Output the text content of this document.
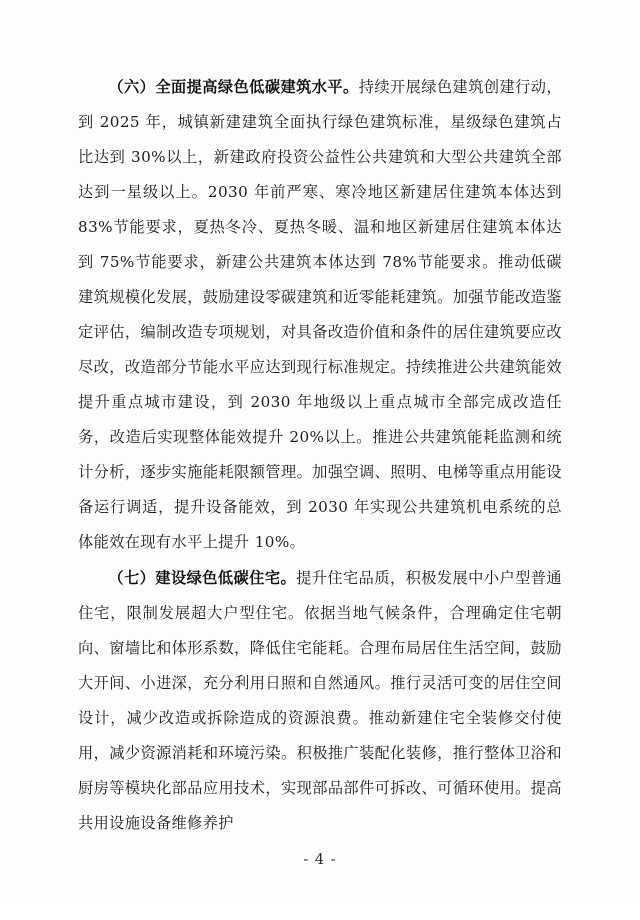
（六）全面提高绿色低碳建筑水平。持续开展绿色建筑创建行动，到 2025 年，城镇新建建筑全面执行绿色建筑标准，星级绿色建筑占比达到 30%以上，新建政府投资公益性公共建筑和大型公共建筑全部达到一星级以上。2030 年前严寒、寒冷地区新建居住建筑本体达到 83%节能要求，夏热冬冷、夏热冬暖、温和地区新建居住建筑本体达到 75%节能要求，新建公共建筑本体达到 78%节能要求。推动低碳建筑规模化发展，鼓励建设零碳建筑和近零能耗建筑。加强节能改造鉴定评估，编制改造专项规划，对具备改造价值和条件的居住建筑要应改尽改，改造部分节能水平应达到现行标准规定。持续推进公共建筑能效提升重点城市建设，到 2030 年地级以上重点城市全部完成改造任务，改造后实现整体能效提升 20%以上。推进公共建筑能耗监测和统计分析，逐步实施能耗限额管理。加强空调、照明、电梯等重点用能设备运行调适，提升设备能效，到 2030 年实现公共建筑机电系统的总体能效在现有水平上提升 10%。

（七）建设绿色低碳住宅。提升住宅品质，积极发展中小户型普通住宅，限制发展超大户型住宅。依据当地气候条件，合理确定住宅朝向、窗墙比和体形系数，降低住宅能耗。合理布局居住生活空间，鼓励大开间、小进深，充分利用日照和自然通风。推行灵活可变的居住空间设计，减少改造或拆除造成的资源浪费。推动新建住宅全装修交付使用，减少资源消耗和环境污染。积极推广装配化装修，推行整体卫浴和厨房等模块化部品应用技术，实现部品部件可拆改、可循环使用。提高共用设施设备维修养护

- 4 -
